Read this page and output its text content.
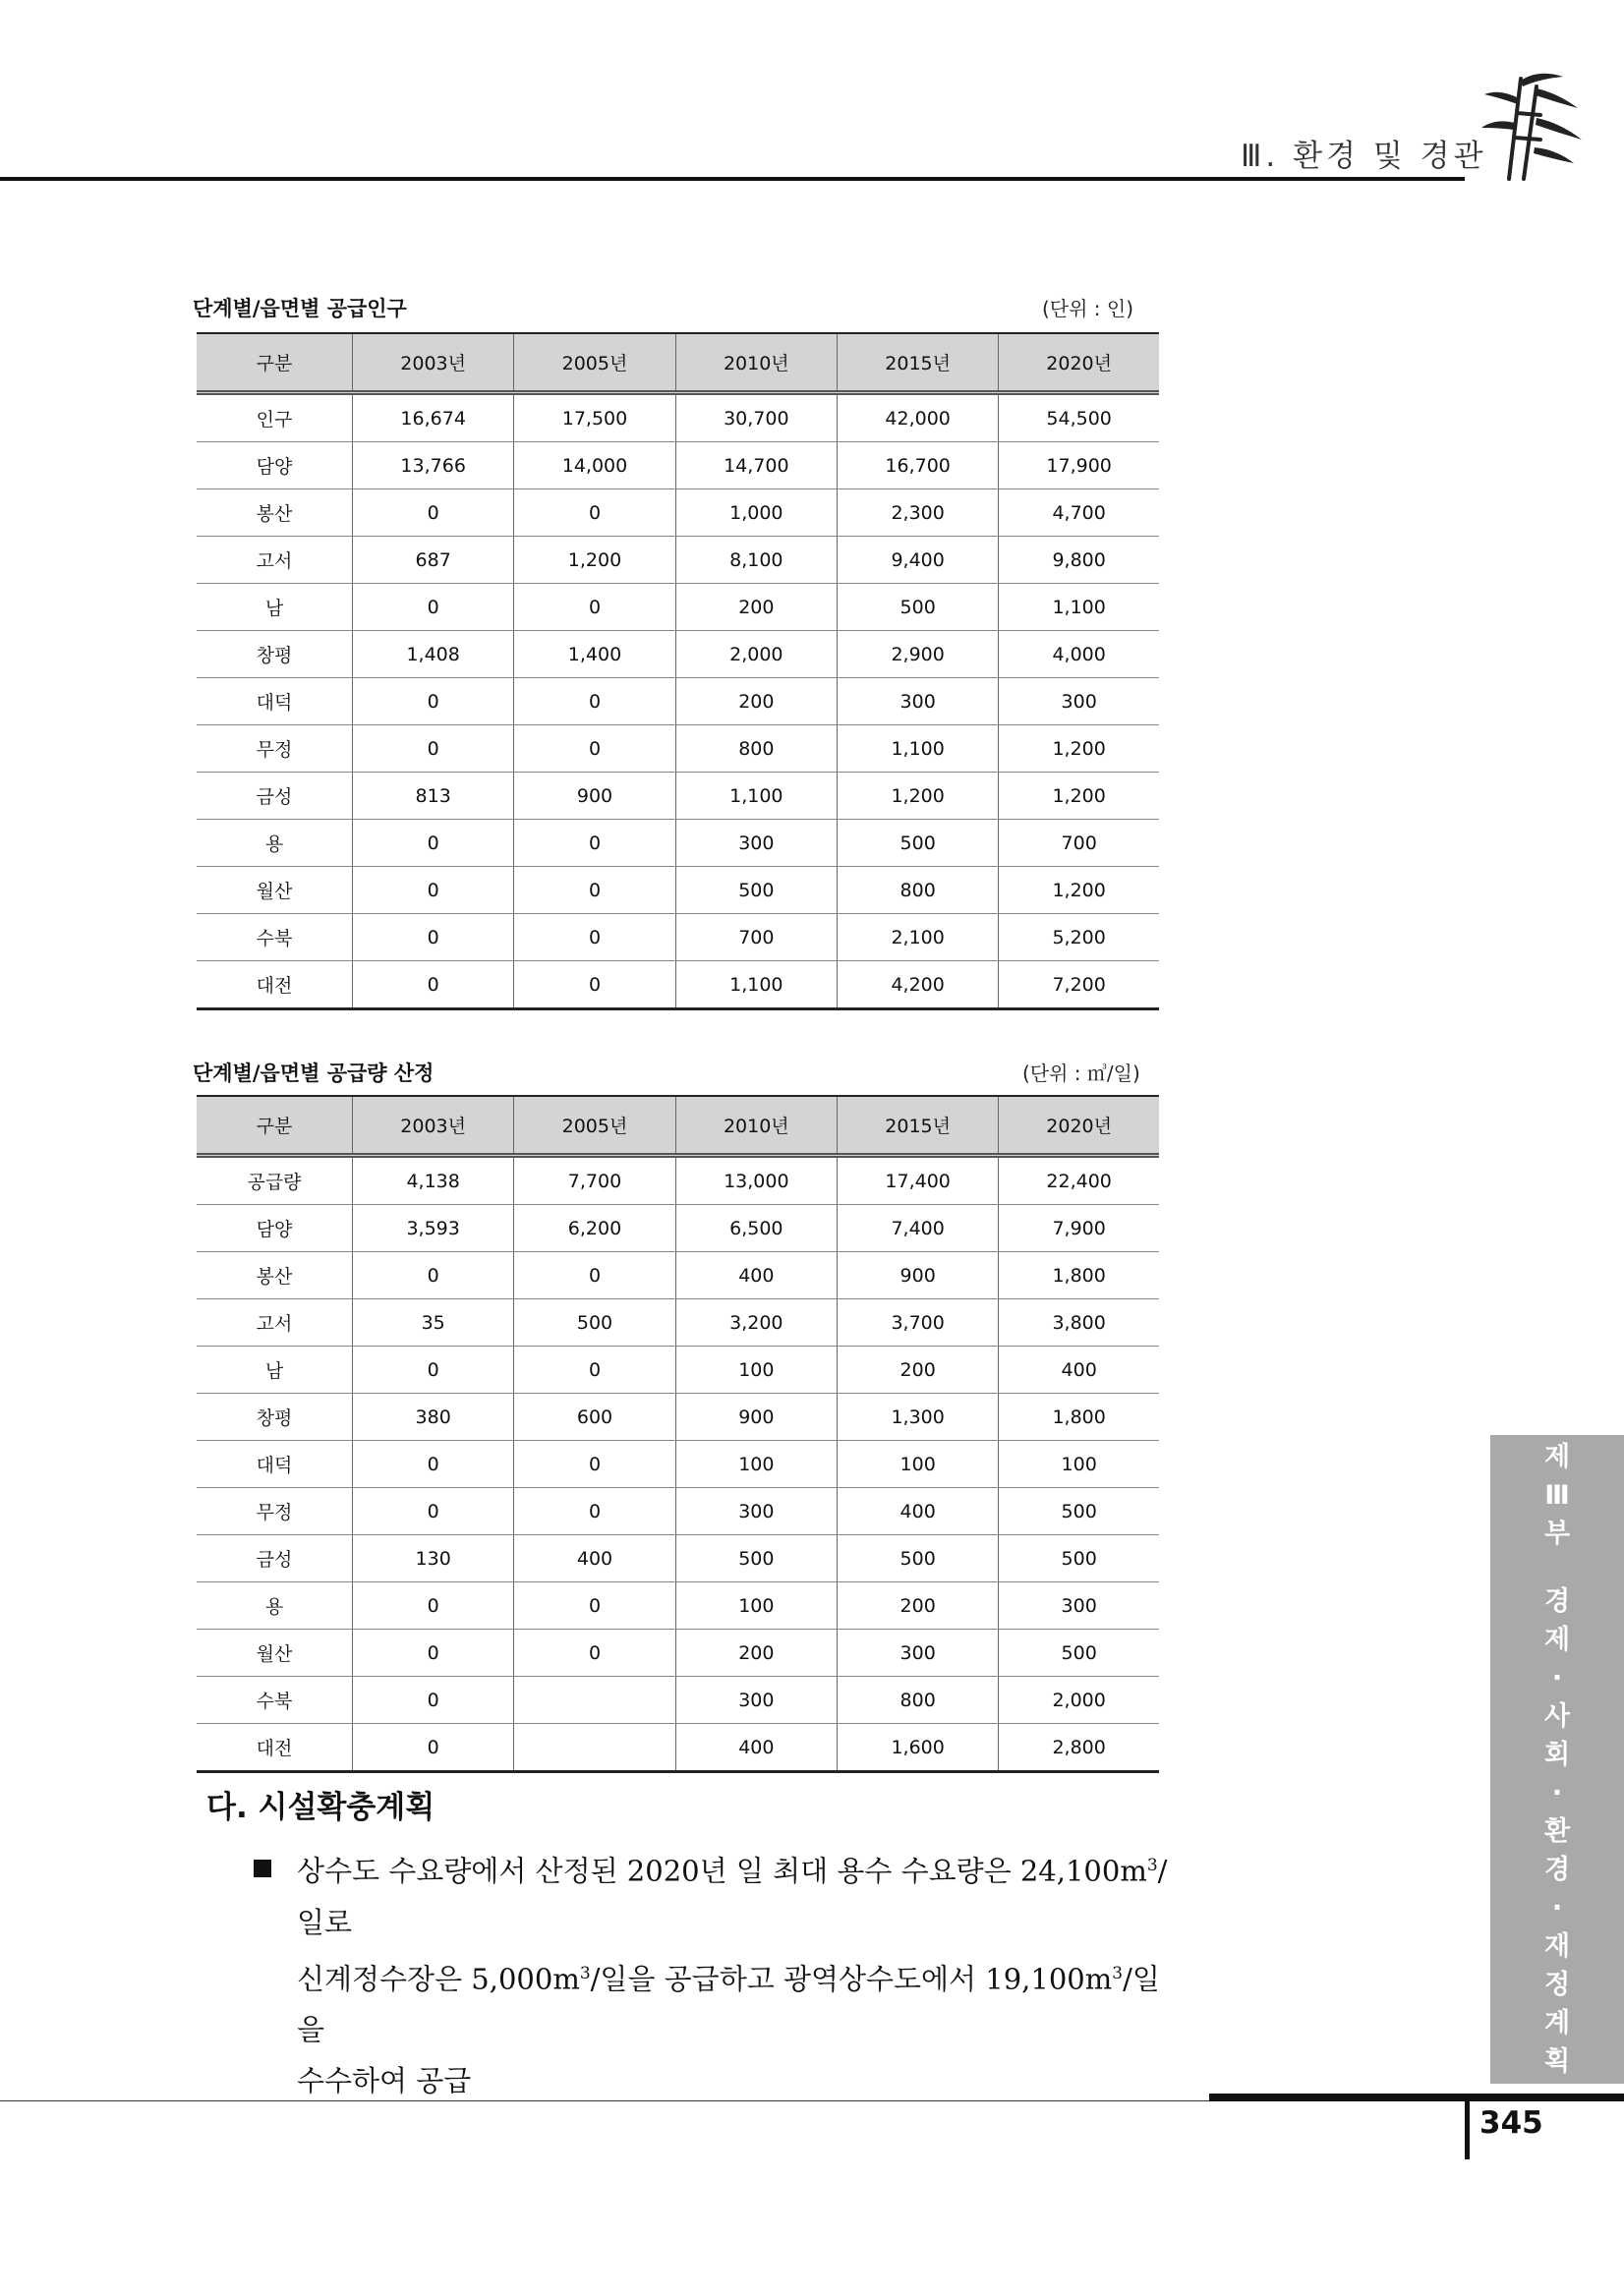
Ⅲ. 환경 및 경관
단계별/읍면별 공급인구	(단위 : 인)
구분	2003년	2005년	2010년	2015년	2020년
인구	16,674	17,500	30,700	42,000	54,500
담양	13,766	14,000	14,700	16,700	17,900
봉산	0	0	1,000	2,300	4,700
고서	687	1,200	8,100	9,400	9,800
남	0	0	200	500	1,100
창평	1,408	1,400	2,000	2,900	4,000
대덕	0	0	200	300	300
무정	0	0	800	1,100	1,200
금성	813	900	1,100	1,200	1,200
용	0	0	300	500	700
월산	0	0	500	800	1,200
수북	0	0	700	2,100	5,200
대전	0	0	1,100	4,200	7,200
단계별/읍면별 공급량 산정	(단위 : ㎥/일)
구분	2003년	2005년	2010년	2015년	2020년
공급량	4,138	7,700	13,000	17,400	22,400
담양	3,593	6,200	6,500	7,400	7,900
봉산	0	0	400	900	1,800
고서	35	500	3,200	3,700	3,800
남	0	0	100	200	400
창평	380	600	900	1,300	1,800
대덕	0	0	100	100	100
무정	0	0	300	400	500
금성	130	400	500	500	500
용	0	0	100	200	300
월산	0	0	200	300	500
수북	0		300	800	2,000
대전	0		400	1,600	2,800
다. 시설확충계획
상수도 수요량에서 산정된 2020년 일 최대 용수 수요량은 $24,100m^3/$일로
신계정수장은 $5,000m^3/$일을 공급하고 광역상수도에서 $19,100m^3/$일을
수수하여 공급
제
Ⅲ
부
경
제
·
사
회
·
환
경
·
재
정
계
획
345
